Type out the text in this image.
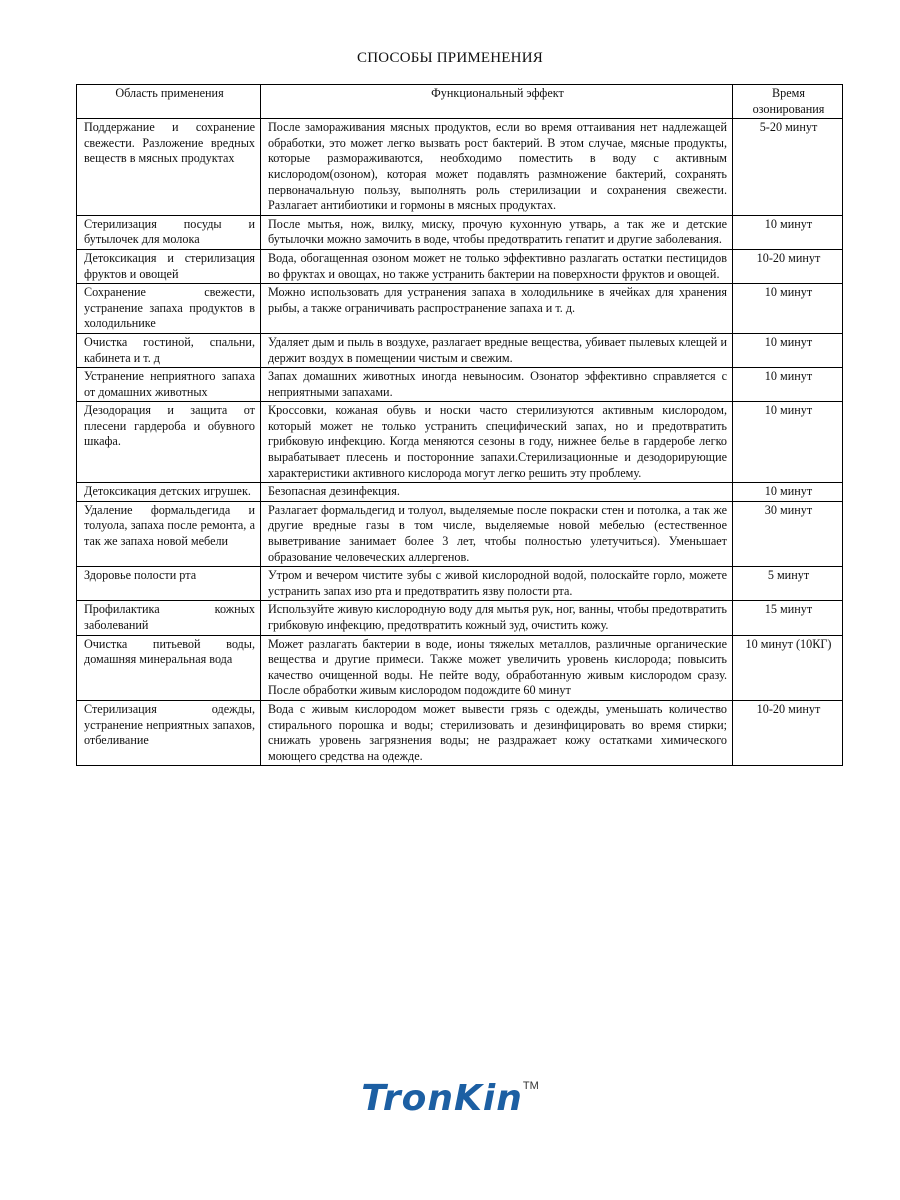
СПОСОБЫ ПРИМЕНЕНИЯ
Область применения	Функциональный эффект	Время озонирования
Поддержание и сохранение свежести. Разложение вредных веществ в мясных продуктах	После замораживания мясных продуктов, если во время оттаивания нет надлежащей обработки, это может легко вызвать рост бактерий. В этом случае, мясные продукты, которые размораживаются, необходимо поместить в воду с активным кислородом(озоном), которая может подавлять размножение бактерий, сохранять первоначальную пользу, выполнять роль стерилизации и сохранения свежести. Разлагает антибиотики и гормоны в мясных продуктах.	5-20 минут
Стерилизация посуды и бутылочек для молока	После мытья, нож, вилку, миску, прочую кухонную утварь, а так же и детские бутылочки можно замочить в воде, чтобы предотвратить гепатит и другие заболевания.	10 минут
Детоксикация и стерилизация фруктов и овощей	Вода, обогащенная озоном может не только эффективно разлагать остатки пестицидов во фруктах и овощах, но также устранить бактерии на поверхности фруктов и овощей.	10-20 минут
Сохранение свежести, устранение запаха продуктов в холодильнике	Можно использовать для устранения запаха в холодильнике в ячейках для хранения рыбы, а также ограничивать распространение запаха и т. д.	10 минут
Очистка гостиной, спальни, кабинета и т. д	Удаляет дым и пыль в воздухе, разлагает вредные вещества, убивает пылевых клещей и держит воздух в помещении чистым и свежим.	10 минут
Устранение неприятного запаха от домашних животных	Запах домашних животных иногда невыносим. Озонатор эффективно справляется с неприятными запахами.	10 минут
Дезодорация и защита от плесени гардероба и обувного шкафа.	Кроссовки, кожаная обувь и носки часто стерилизуются активным кислородом, который может не только устранить специфический запах, но и предотвратить грибковую инфекцию. Когда меняются сезоны в году, нижнее белье в гардеробе легко вырабатывает плесень и посторонние запахи.Стерилизационные и дезодорирующие характеристики активного кислорода могут легко решить эту проблему.	10 минут
Детоксикация детских игрушек.	Безопасная дезинфекция.	10 минут
Удаление формальдегида и толуола, запаха после ремонта, а так же запаха новой мебели	Разлагает формальдегид и толуол, выделяемые после покраски стен и потолка, а так же другие вредные газы в том числе, выделяемые новой мебелью (естественное выветривание занимает более 3 лет, чтобы полностью улетучиться). Уменьшает образование человеческих аллергенов.	30 минут
Здоровье полости рта	Утром и вечером чистите зубы с живой кислородной водой, полоскайте горло, можете устранить запах изо рта и предотвратить язву полости рта.	5 минут
Профилактика кожных заболеваний	Используйте живую кислородную воду для мытья рук, ног, ванны, чтобы предотвратить грибковую инфекцию, предотвратить кожный зуд, очистить кожу.	15 минут
Очистка питьевой воды, домашняя минеральная вода	Может разлагать бактерии в воде, ионы тяжелых металлов, различные органические вещества и другие примеси. Также может увеличить уровень кислорода; повысить качество очищенной воды. Не пейте воду, обработанную живым кислородом сразу. После обработки живым кислородом подождите 60 минут	10 минут (10КГ)
Стерилизация одежды, устранение неприятных запахов, отбеливание	Вода с живым кислородом может вывести грязь с одежды, уменьшать количество стирального порошка и воды; стерилизовать и дезинфицировать во время стирки; снижать уровень загрязнения воды; не раздражает кожу остатками химического моющего средства на одежде.	10-20 минут
TronKin™
